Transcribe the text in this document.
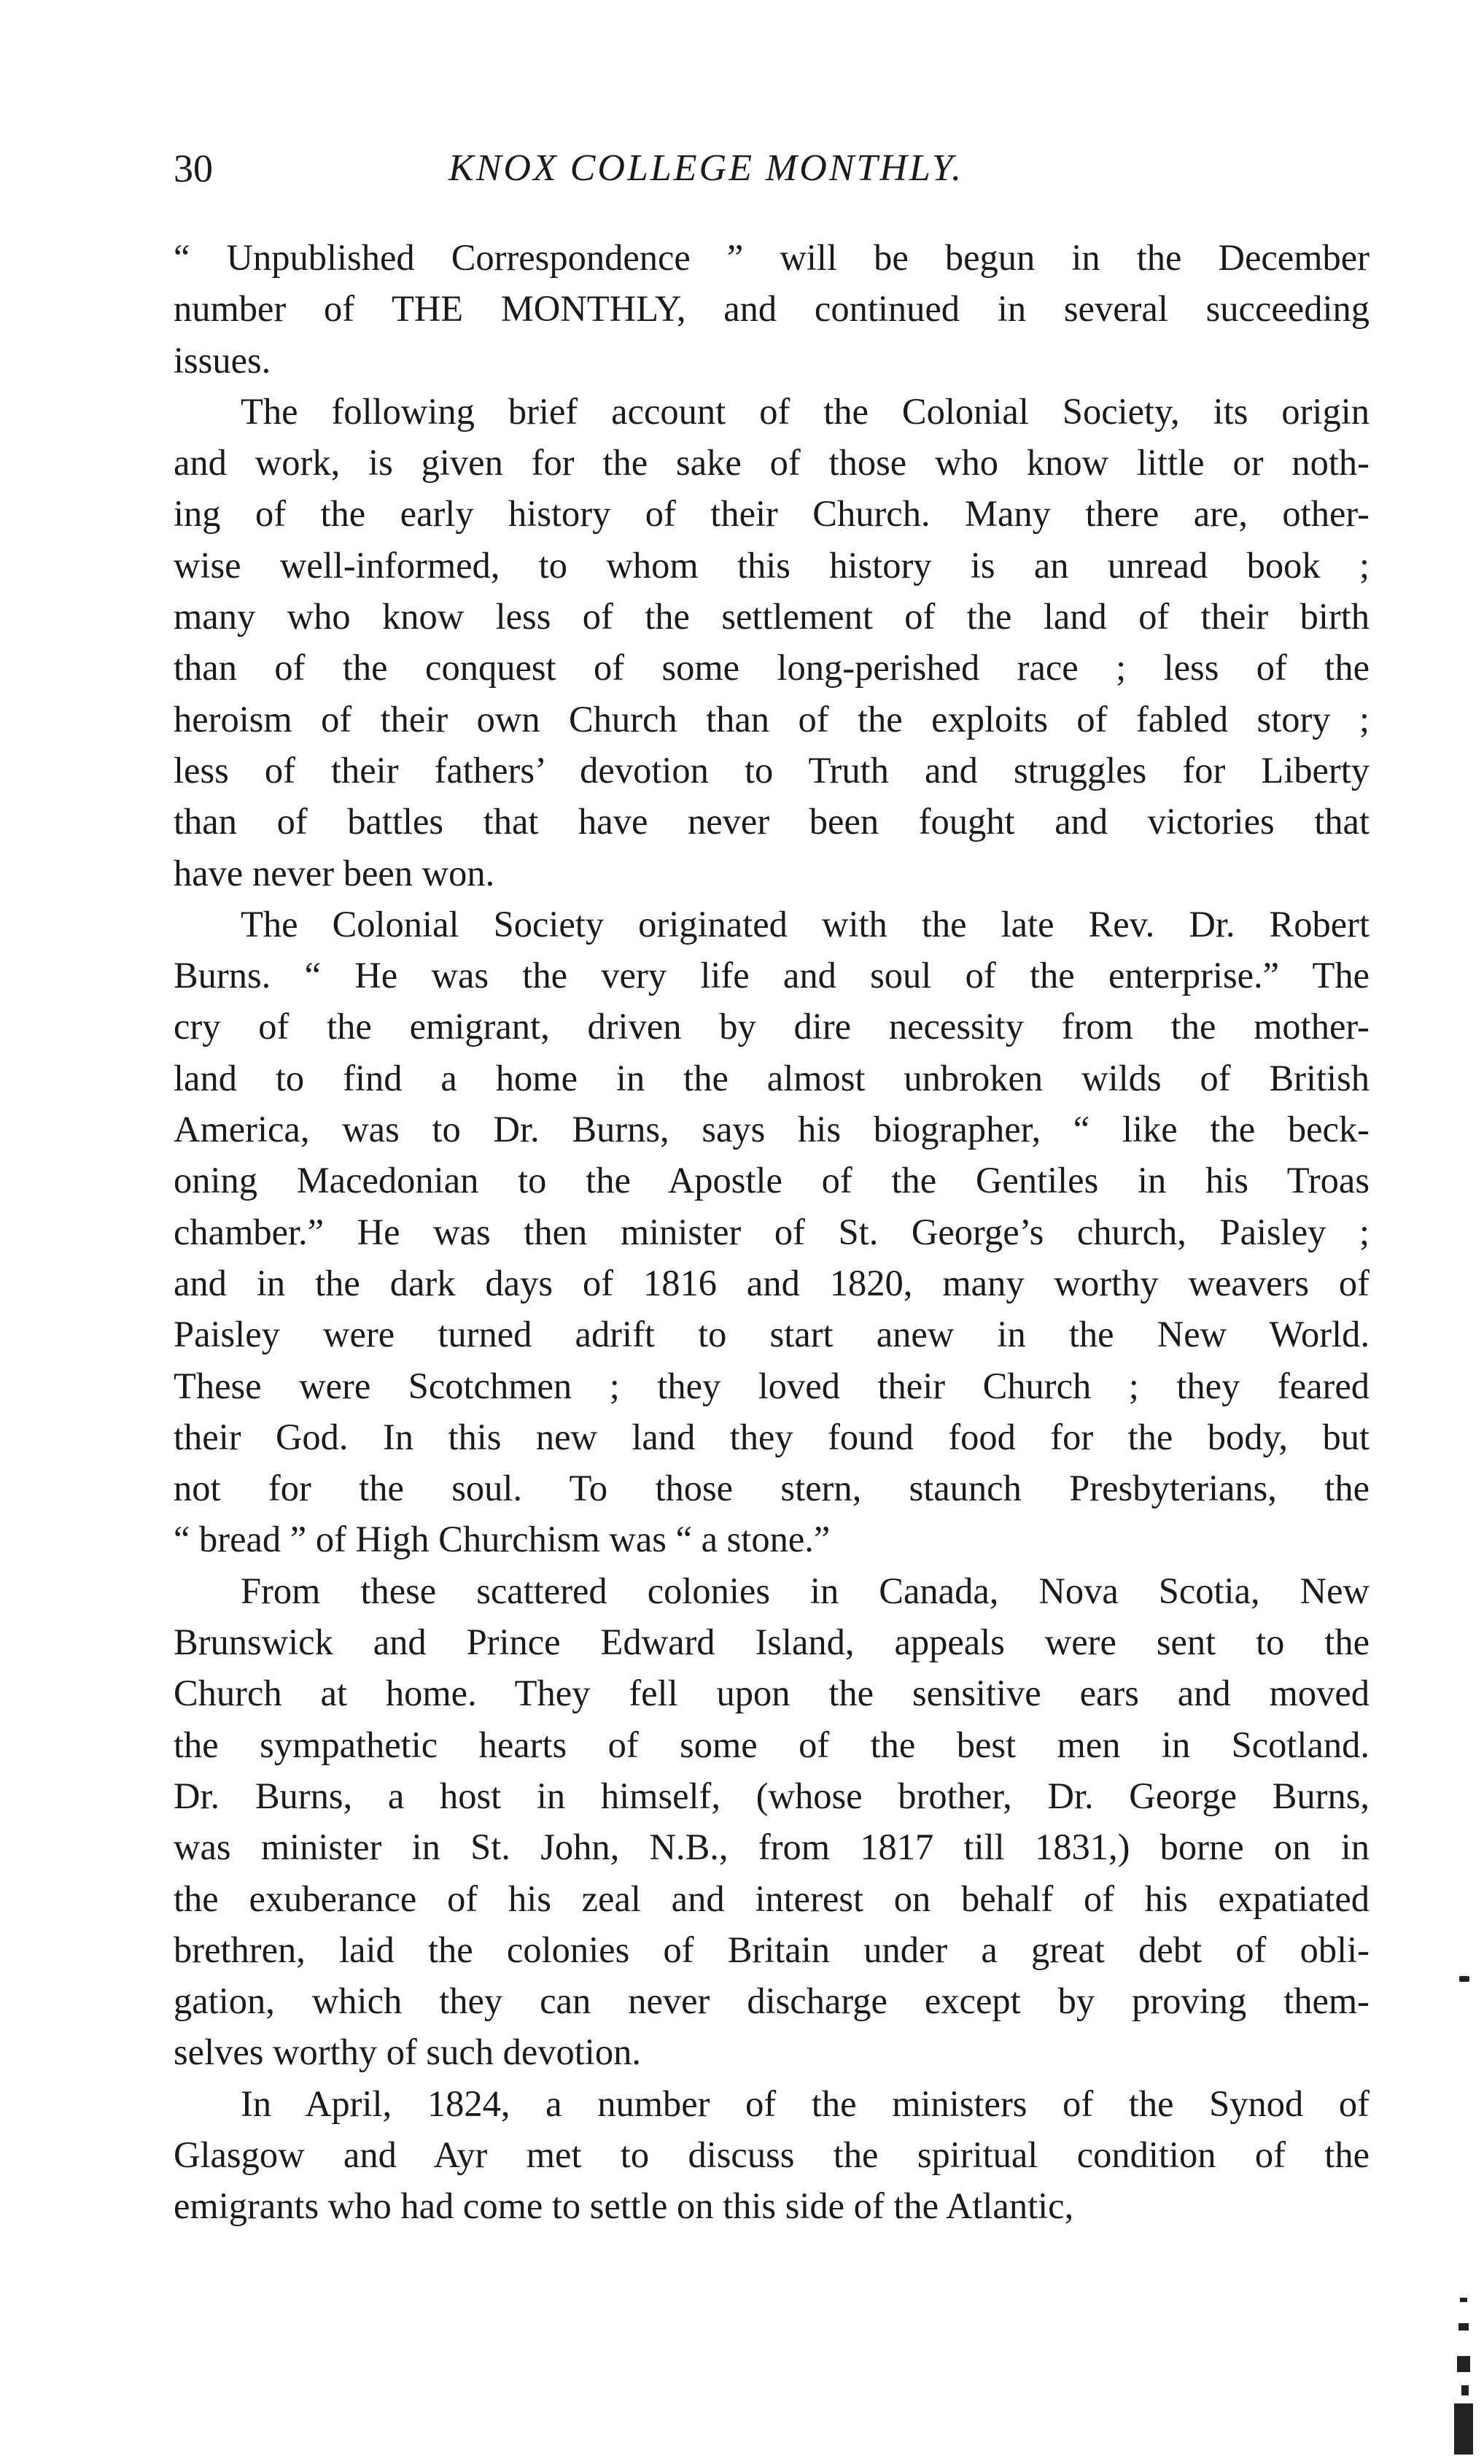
30	KNOX COLLEGE MONTHLY.
“ Unpublished Correspondence ” will be begun in the December
number of THE MONTHLY, and continued in several succeeding
issues.
The following brief account of the Colonial Society, its origin
and work, is given for the sake of those who know little or noth-
ing of the early history of their Church. Many there are, other-
wise well-informed, to whom this history is an unread book ;
many who know less of the settlement of the land of their birth
than of the conquest of some long-perished race ; less of the
heroism of their own Church than of the exploits of fabled story ;
less of their fathers’ devotion to Truth and struggles for Liberty
than of battles that have never been fought and victories that
have never been won.
The Colonial Society originated with the late Rev. Dr. Robert
Burns. “ He was the very life and soul of the enterprise.” The
cry of the emigrant, driven by dire necessity from the mother-
land to find a home in the almost unbroken wilds of British
America, was to Dr. Burns, says his biographer, “ like the beck-
oning Macedonian to the Apostle of the Gentiles in his Troas
chamber.” He was then minister of St. George’s church, Paisley ;
and in the dark days of 1816 and 1820, many worthy weavers of
Paisley were turned adrift to start anew in the New World.
These were Scotchmen ; they loved their Church ; they feared
their God. In this new land they found food for the body, but
not for the soul. To those stern, staunch Presbyterians, the
“ bread ” of High Churchism was “ a stone.”
From these scattered colonies in Canada, Nova Scotia, New
Brunswick and Prince Edward Island, appeals were sent to the
Church at home. They fell upon the sensitive ears and moved
the sympathetic hearts of some of the best men in Scotland.
Dr. Burns, a host in himself, (whose brother, Dr. George Burns,
was minister in St. John, N.B., from 1817 till 1831,) borne on in
the exuberance of his zeal and interest on behalf of his expatiated
brethren, laid the colonies of Britain under a great debt of obli-
gation, which they can never discharge except by proving them-
selves worthy of such devotion.
In April, 1824, a number of the ministers of the Synod of
Glasgow and Ayr met to discuss the spiritual condition of the
emigrants who had come to settle on this side of the Atlantic,
